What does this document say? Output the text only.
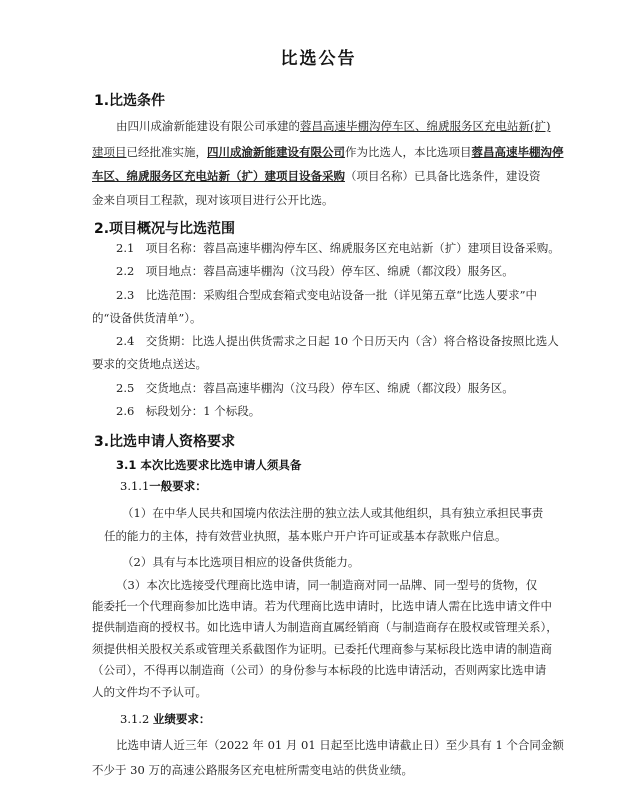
比选公告
1.比选条件
由四川成渝新能建设有限公司承建的蓉昌高速毕棚沟停车区、绵虒服务区充电站新(扩)
建项目已经批准实施，四川成渝新能建设有限公司作为比选人，本比选项目蓉昌高速毕棚沟停
车区、绵虒服务区充电站新（扩）建项目设备采购（项目名称）已具备比选条件，建设资
金来自项目工程款，现对该项目进行公开比选。
2.项目概况与比选范围
2.1　项目名称：蓉昌高速毕棚沟停车区、绵虒服务区充电站新（扩）建项目设备采购。
2.2　项目地点：蓉昌高速毕棚沟（汶马段）停车区、绵虒（都汶段）服务区。
2.3　比选范围：采购组合型成套箱式变电站设备一批（详见第五章“比选人要求”中
的“设备供货清单”）。
2.4　交货期：比选人提出供货需求之日起 10 个日历天内（含）将合格设备按照比选人
要求的交货地点送达。
2.5　交货地点：蓉昌高速毕棚沟（汶马段）停车区、绵虒（都汶段）服务区。
2.6　标段划分：1 个标段。
3.比选申请人资格要求
3.1 本次比选要求比选申请人须具备
3.1.1一般要求：
（1）在中华人民共和国境内依法注册的独立法人或其他组织，具有独立承担民事责
任的能力的主体，持有效营业执照，基本账户开户许可证或基本存款账户信息。
（2）具有与本比选项目相应的设备供货能力。
（3）本次比选接受代理商比选申请，同一制造商对同一品牌、同一型号的货物，仅
能委托一个代理商参加比选申请。若为代理商比选申请时，比选申请人需在比选申请文件中
提供制造商的授权书。如比选申请人为制造商直属经销商（与制造商存在股权或管理关系），
须提供相关股权关系或管理关系截图作为证明。已委托代理商参与某标段比选申请的制造商
（公司），不得再以制造商（公司）的身份参与本标段的比选申请活动，否则两家比选申请
人的文件均不予认可。
3.1.2 业绩要求：
比选申请人近三年（2022 年 01 月 01 日起至比选申请截止日）至少具有 1 个合同金额
不少于 30 万的高速公路服务区充电桩所需变电站的供货业绩。
